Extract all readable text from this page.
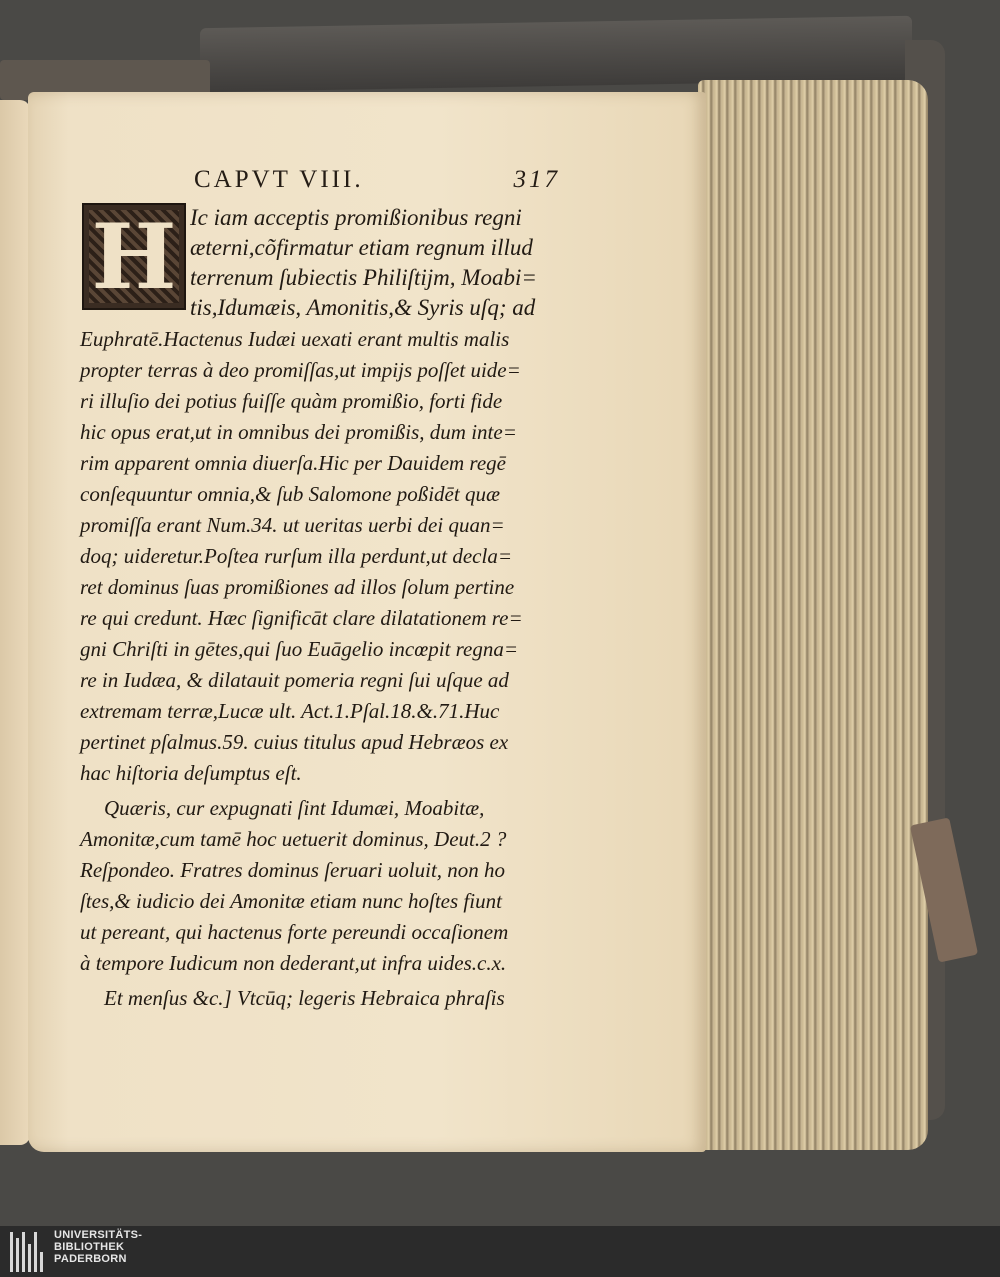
CAPVT VIII.	317
H Ic iam acceptis promißionibus regni
æterni,cõfirmatur etiam regnum illud
terrenum ſubiectis Philiſtijm, Moabi=
tis,Idumæis, Amonitis,& Syris uſq; ad
Euphratē.Hactenus Iudæi uexati erant multis malis
propter terras à deo promiſſas,ut impijs poſſet uide=
ri illuſio dei potius fuiſſe quàm promißio, forti fide
hic opus erat,ut in omnibus dei promißis, dum inte=
rim apparent omnia diuerſa.Hic per Dauidem regē
conſequuntur omnia,& ſub Salomone poßidēt quæ
promiſſa erant Num.34. ut ueritas uerbi dei quan=
doq; uideretur.Poſtea rurſum illa perdunt,ut decla=
ret dominus ſuas promißiones ad illos ſolum pertine
re qui credunt. Hæc ſignificāt clare dilatationem re=
gni Chriſti in gētes,qui ſuo Euāgelio incœpit regna=
re in Iudæa, & dilatauit pomeria regni ſui uſque ad
extremam terræ,Lucæ ult. Act.1.Pſal.18.&.71.Huc
pertinet pſalmus.59. cuius titulus apud Hebræos ex
hac hiſtoria deſumptus eſt.
Quæris, cur expugnati ſint Idumæi, Moabitæ,
Amonitæ,cum tamē hoc uetuerit dominus, Deut.2 ?
Reſpondeo. Fratres dominus ſeruari uoluit, non ho
ſtes,& iudicio dei Amonitæ etiam nunc hoſtes fiunt
ut pereant, qui hactenus forte pereundi occaſionem
à tempore Iudicum non dederant,ut infra uides.c.x.
Et menſus &c.] Vtcūq; legeris Hebraica phraſis
UNIVERSITÄTS-
BIBLIOTHEK
PADERBORN
